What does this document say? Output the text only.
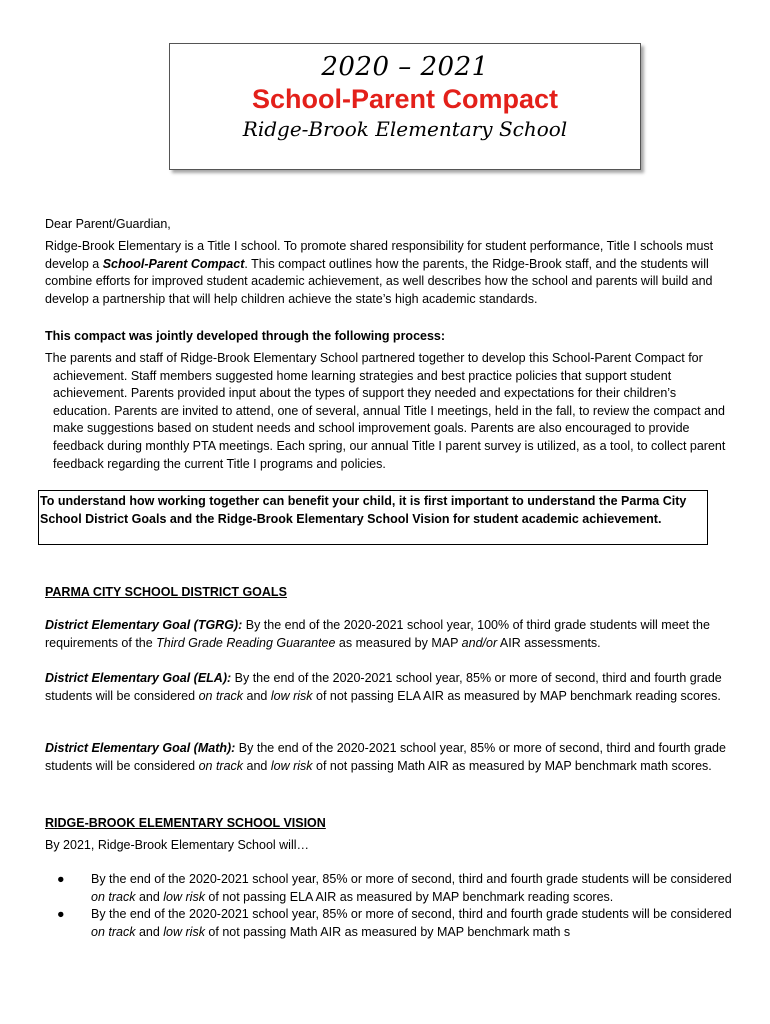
2020 – 2021
School-Parent Compact
Ridge-Brook Elementary School
Dear Parent/Guardian,
Ridge-Brook Elementary is a Title I school. To promote shared responsibility for student performance, Title I schools must develop a School-Parent Compact. This compact outlines how the parents, the Ridge-Brook staff, and the students will combine efforts for improved student academic achievement, as well describes how the school and parents will build and develop a partnership that will help children achieve the state’s high academic standards.
This compact was jointly developed through the following process:
The parents and staff of Ridge-Brook Elementary School partnered together to develop this School-Parent Compact for achievement. Staff members suggested home learning strategies and best practice policies that support student achievement. Parents provided input about the types of support they needed and expectations for their children’s education. Parents are invited to attend, one of several, annual Title I meetings, held in the fall, to review the compact and make suggestions based on student needs and school improvement goals. Parents are also encouraged to provide feedback during monthly PTA meetings. Each spring, our annual Title I parent survey is utilized, as a tool, to collect parent feedback regarding the current Title I programs and policies.
To understand how working together can benefit your child, it is first important to understand the Parma City School District Goals and the Ridge-Brook Elementary School Vision for student academic achievement.
PARMA CITY SCHOOL DISTRICT GOALS
District Elementary Goal (TGRG): By the end of the 2020-2021 school year, 100% of third grade students will meet the requirements of the Third Grade Reading Guarantee as measured by MAP and/or AIR assessments.
District Elementary Goal (ELA): By the end of the 2020-2021 school year, 85% or more of second, third and fourth grade students will be considered on track and low risk of not passing ELA AIR as measured by MAP benchmark reading scores.
District Elementary Goal (Math): By the end of the 2020-2021 school year, 85% or more of second, third and fourth grade students will be considered on track and low risk of not passing Math AIR as measured by MAP benchmark math scores.
RIDGE-BROOK ELEMENTARY SCHOOL VISION
By 2021, Ridge-Brook Elementary School will…
● By the end of the 2020-2021 school year, 85% or more of second, third and fourth grade students will be considered on track and low risk of not passing ELA AIR as measured by MAP benchmark reading scores.
● By the end of the 2020-2021 school year, 85% or more of second, third and fourth grade students will be considered on track and low risk of not passing Math AIR as measured by MAP benchmark math s
